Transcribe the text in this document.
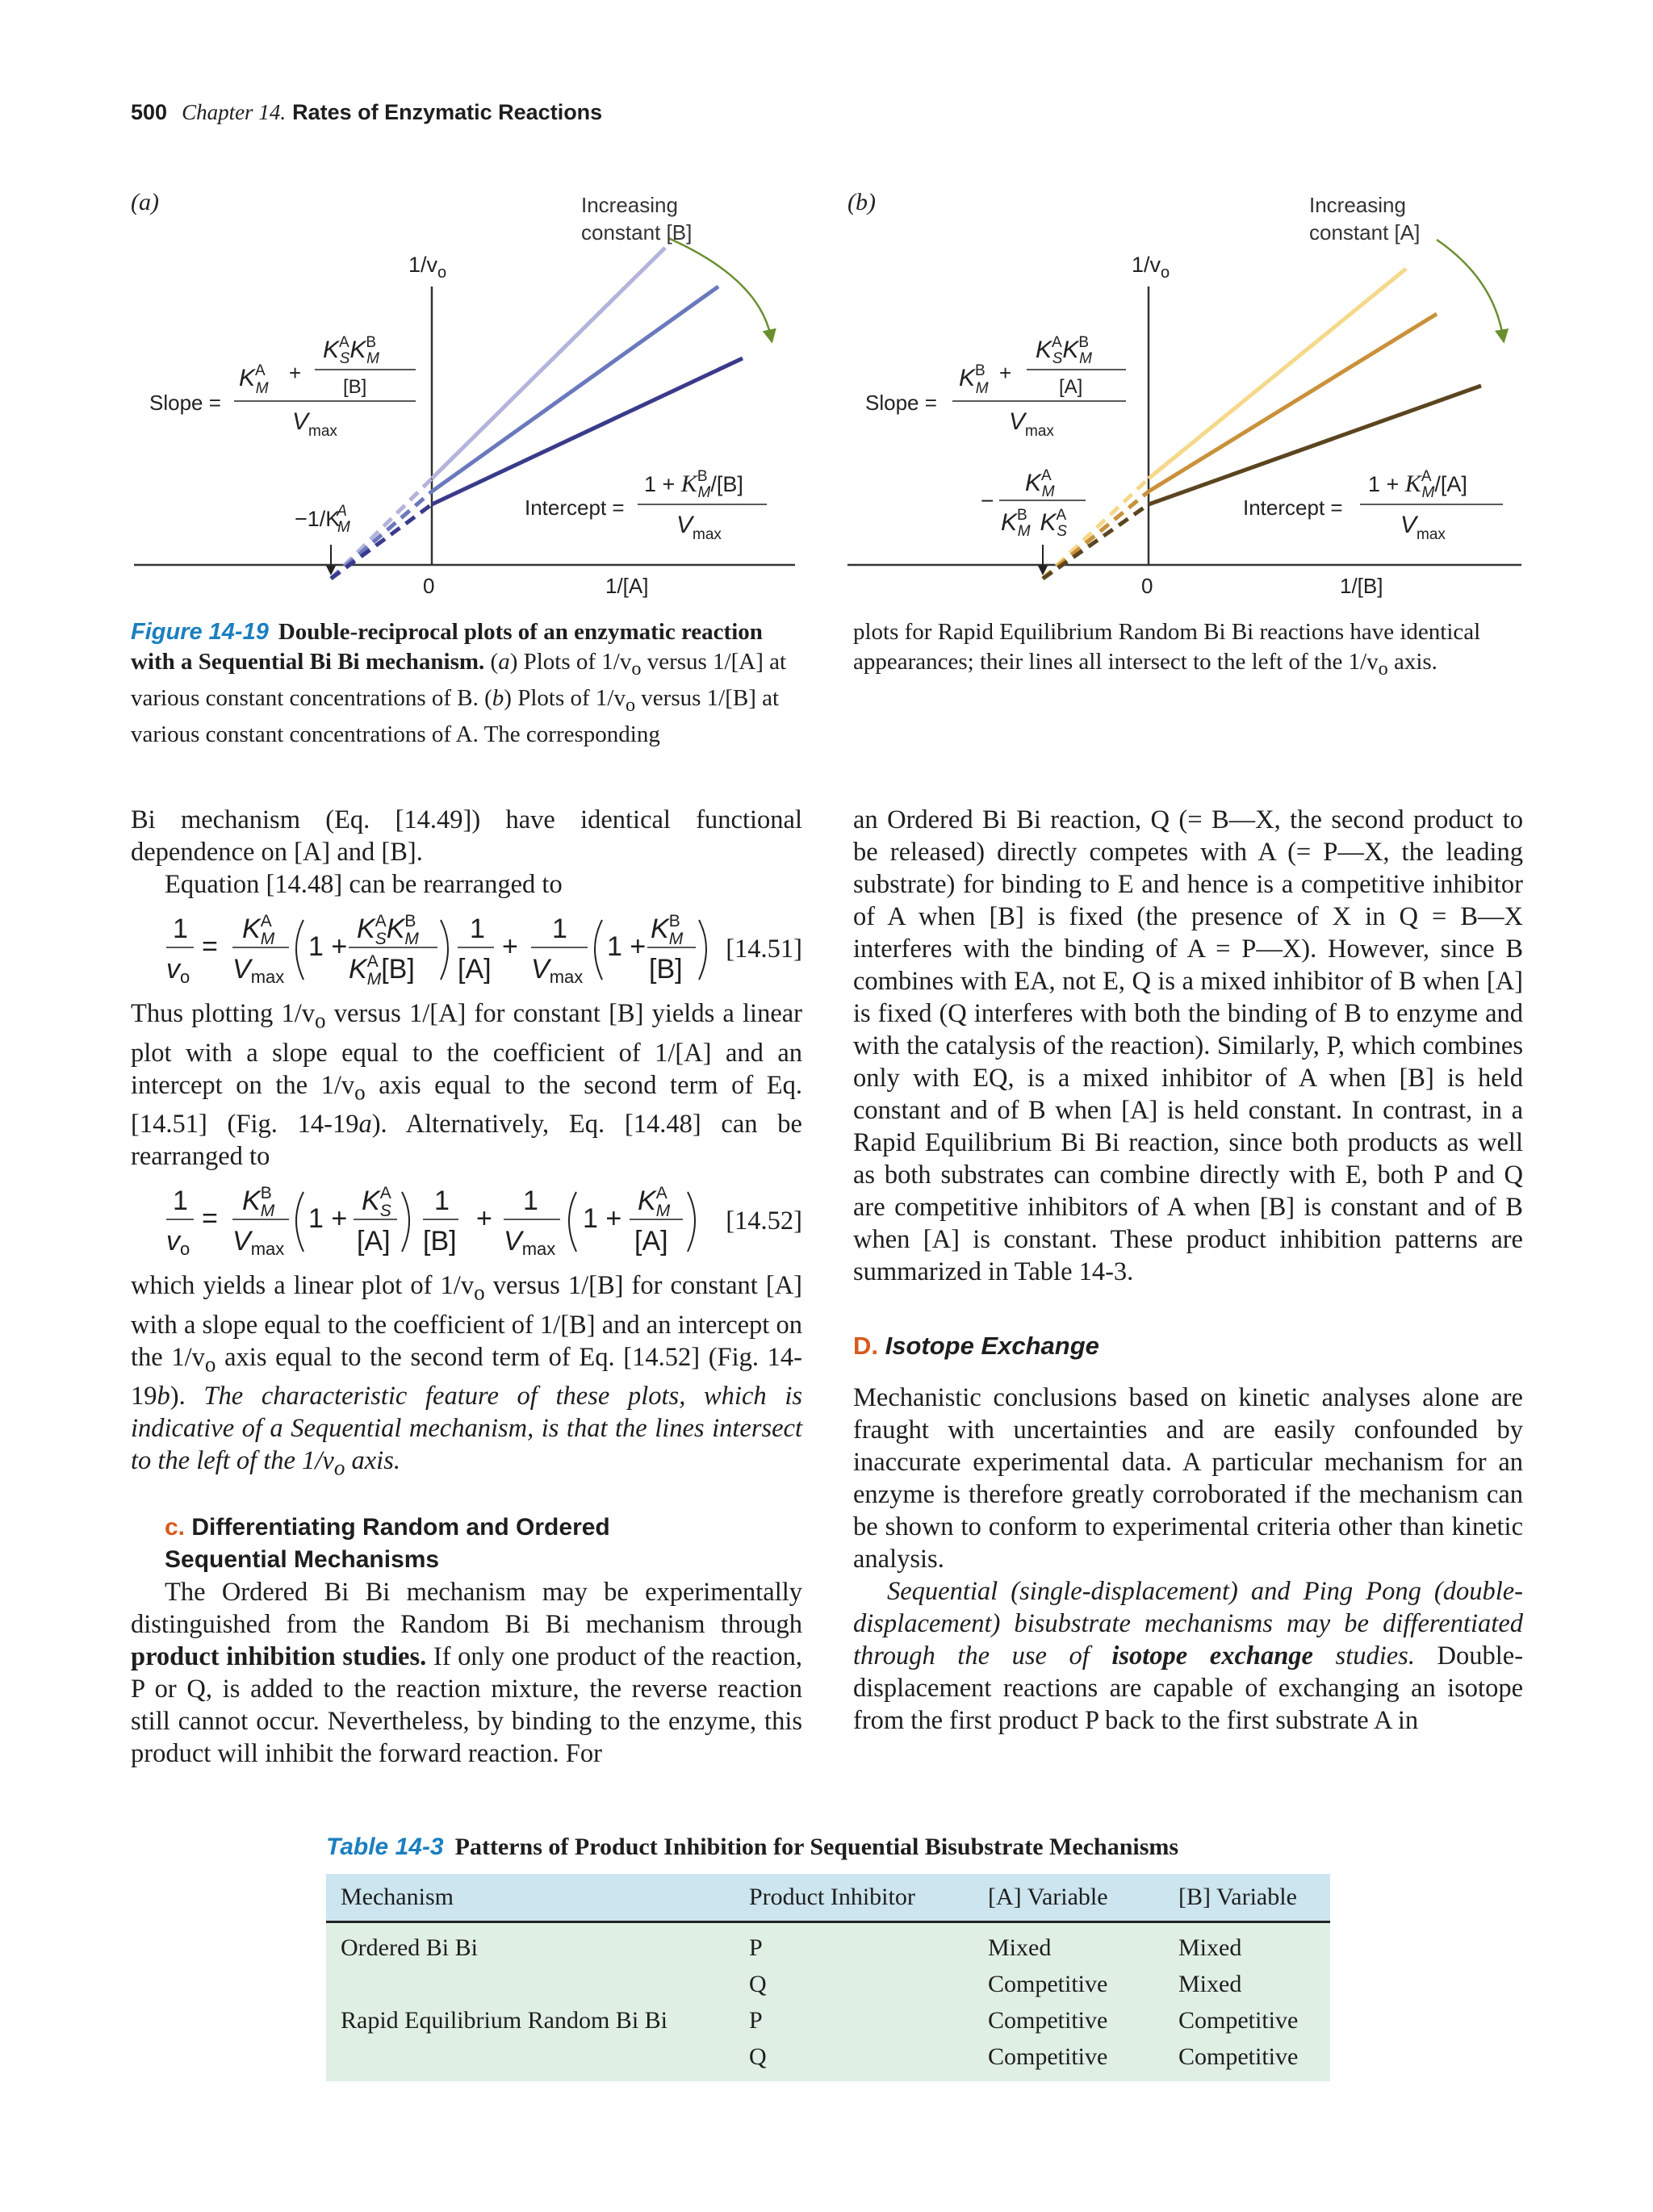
500 Chapter 14. Rates of Enzymatic Reactions
(a)	Increasing
constant [B]
$1/v_o$
Slope =
$K^A$ M
+
$K^A$ $SK^B$ M
[B]
$V_{max}$
−1/KA M
Intercept =
$1 + K^B$ M/[B]
$V_{max}$
0	1/[A]
(b)	Increasing
constant [A]
$1/v_o$
Slope =
$K^B$ M
+
$K^A$ $SK^B$ M
[A]
$V_{max}$
−
$K^A$ M
$K^B$ M $K^A$ S
Intercept =
$1 + K^A$ M/[A]
$V_{max}$
0	1/[B]
Figure 14-19 Double-reciprocal plots of an enzymatic reaction with a Sequential Bi Bi mechanism. (a) Plots of $1/v_o$ versus 1/[A] at various constant concentrations of B. (b) Plots of $1/v_o$ versus 1/[B] at various constant concentrations of A. The corresponding
plots for Rapid Equilibrium Random Bi Bi reactions have identical appearances; their lines all intersect to the left of the $1/v_o$ axis.

Bi mechanism (Eq. [14.49]) have identical functional dependence on [A] and [B].

Equation [14.48] can be rearranged to

1
vo
=
$K^A$ M
Vmax
1 +
$K^A$ $SK^B$ M
$K^A$ M[B]
1
[A]
+
1
Vmax
1 +
$K^B$ M
[B]
[14.51]

Thus plotting $1/v_o$ versus 1/[A] for constant [B] yields a linear plot with a slope equal to the coefficient of 1/[A] and an intercept on the $1/v_o$ axis equal to the second term of Eq. [14.51] (Fig. 14-19a). Alternatively, Eq. [14.48] can be rearranged to

1
vo
=
$K^B$ M
Vmax
1 +
$K^A$ S
[A]
1
[B]
+
1
Vmax
1 +
$K^A$ M
[A]
[14.52]

which yields a linear plot of $1/v_o$ versus 1/[B] for constant [A] with a slope equal to the coefficient of 1/[B] and an intercept on the $1/v_o$ axis equal to the second term of Eq. [14.52] (Fig. 14-19b). The characteristic feature of these plots, which is indicative of a Sequential mechanism, is that the lines intersect to the left of the $1/v_o$ axis.

c. Differentiating Random and Ordered
Sequential Mechanisms

The Ordered Bi Bi mechanism may be experimentally distinguished from the Random Bi Bi mechanism through product inhibition studies. If only one product of the reaction, P or Q, is added to the reaction mixture, the reverse reaction still cannot occur. Nevertheless, by binding to the enzyme, this product will inhibit the forward reaction. For

an Ordered Bi Bi reaction, Q (= B—X, the second product to be released) directly competes with A (= P—X, the leading substrate) for binding to E and hence is a competitive inhibitor of A when [B] is fixed (the presence of X in Q = B—X interferes with the binding of A = P—X). However, since B combines with EA, not E, Q is a mixed inhibitor of B when [A] is fixed (Q interferes with both the binding of B to enzyme and with the catalysis of the reaction). Similarly, P, which combines only with EQ, is a mixed inhibitor of A when [B] is held constant and of B when [A] is held constant. In contrast, in a Rapid Equilibrium Bi Bi reaction, since both products as well as both substrates can combine directly with E, both P and Q are competitive inhibitors of A when [B] is constant and of B when [A] is constant. These product inhibition patterns are summarized in Table 14-3.

D. Isotope Exchange

Mechanistic conclusions based on kinetic analyses alone are fraught with uncertainties and are easily confounded by inaccurate experimental data. A particular mechanism for an enzyme is therefore greatly corroborated if the mechanism can be shown to conform to experimental criteria other than kinetic analysis.

Sequential (single-displacement) and Ping Pong (double-displacement) bisubstrate mechanisms may be differentiated through the use of isotope exchange studies. Double-displacement reactions are capable of exchanging an isotope from the first product P back to the first substrate A in

Table 14-3 Patterns of Product Inhibition for Sequential Bisubstrate Mechanisms
Mechanism	Product Inhibitor	[A] Variable	[B] Variable
Ordered Bi Bi	P	Mixed	Mixed
	Q	Competitive	Mixed
Rapid Equilibrium Random Bi Bi	P	Competitive	Competitive
	Q	Competitive	Competitive
